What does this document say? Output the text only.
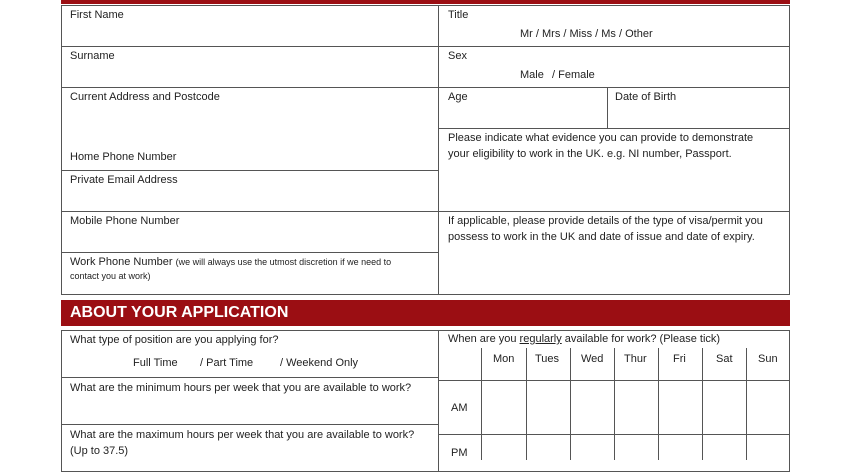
First Name
Surname
Current Address and Postcode
Home Phone Number
Private Email Address
Mobile Phone Number
Work Phone Number (we will always use the utmost discretion if we need to
contact you at work)
Title
Mr / Mrs / Miss / Ms / Other
Sex
Male / Female
Age	Date of Birth
Please indicate what evidence you can provide to demonstrate
your eligibility to work in the UK. e.g. NI number, Passport.
If applicable, please provide details of the type of visa/permit you
possess to work in the UK and date of issue and date of expiry.
ABOUT YOUR APPLICATION
What type of position are you applying for?
Full Time / Part Time / Weekend Only
What are the minimum hours per week that you are available to work?
What are the maximum hours per week that you are available to work?
(Up to 37.5)
When are you regularly available for work? (Please tick)
Mon Tues Wed Thur Fri	Sat Sun
AM
PM
